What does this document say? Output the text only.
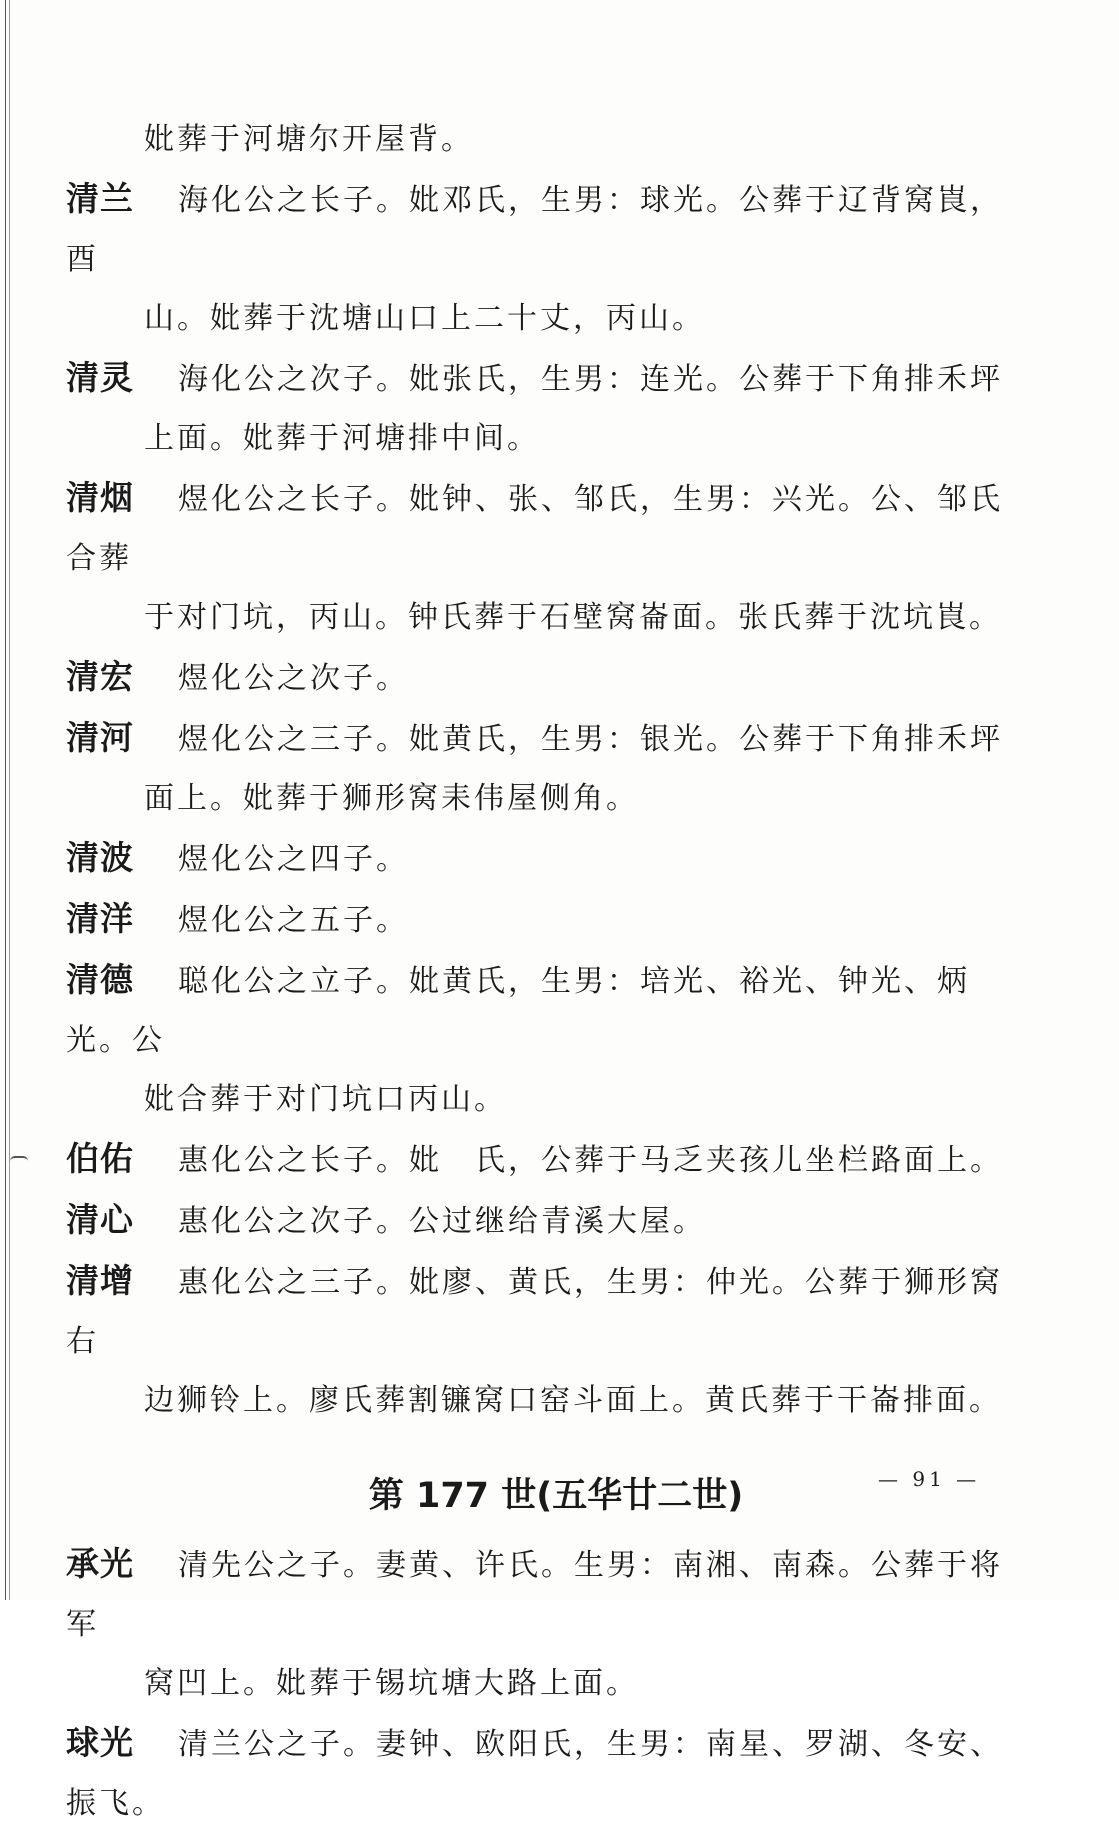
妣葬于河塘尔开屋背。
清兰 海化公之长子。妣邓氏，生男：球光。公葬于辽背窝崀，酉
山。妣葬于沈塘山口上二十丈，丙山。
清灵 海化公之次子。妣张氏，生男：连光。公葬于下角排禾坪
上面。妣葬于河塘排中间。
清烟 煜化公之长子。妣钟、张、邹氏，生男：兴光。公、邹氏合葬
于对门坑，丙山。钟氏葬于石壁窝崙面。张氏葬于沈坑崀。
清宏 煜化公之次子。
清河 煜化公之三子。妣黄氏，生男：银光。公葬于下角排禾坪
面上。妣葬于狮形窝耒伟屋侧角。
清波 煜化公之四子。
清洋 煜化公之五子。
清德 聪化公之立子。妣黄氏，生男：培光、裕光、钟光、炳光。公
妣合葬于对门坑口丙山。
伯佑 惠化公之长子。妣　氏，公葬于马乏夹孩儿坐栏路面上。
清心 惠化公之次子。公过继给青溪大屋。
清增 惠化公之三子。妣廖、黄氏，生男：仲光。公葬于狮形窝右
边狮铃上。廖氏葬割镰窝口窑斗面上。黄氏葬于干崙排面。
第 177 世(五华廿二世)
承光 清先公之子。妻黄、许氏。生男：南湘、南森。公葬于将军
窝凹上。妣葬于锡坑塘大路上面。
球光 清兰公之子。妻钟、欧阳氏，生男：南星、罗湖、冬安、振飞。
— 91 —
